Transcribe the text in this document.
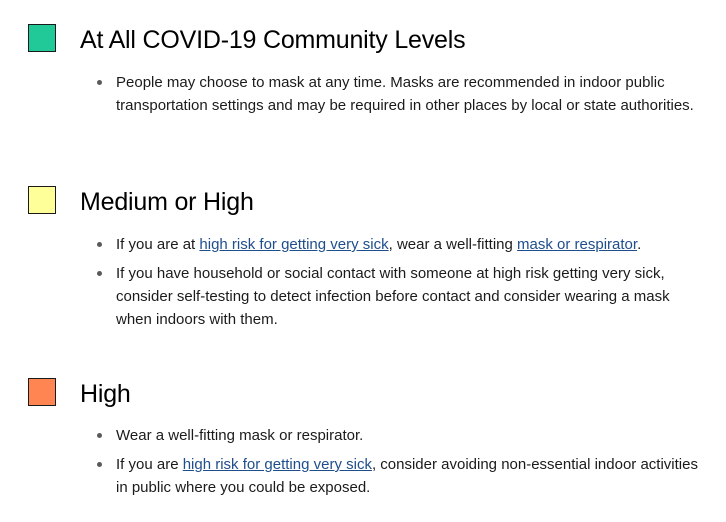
At All COVID-19 Community Levels
People may choose to mask at any time. Masks are recommended in indoor public transportation settings and may be required in other places by local or state authorities.
Medium or High
If you are at high risk for getting very sick, wear a well-fitting mask or respirator.
If you have household or social contact with someone at high risk getting very sick, consider self-testing to detect infection before contact and consider wearing a mask when indoors with them.
High
Wear a well-fitting mask or respirator.
If you are high risk for getting very sick, consider avoiding non-essential indoor activities in public where you could be exposed.
